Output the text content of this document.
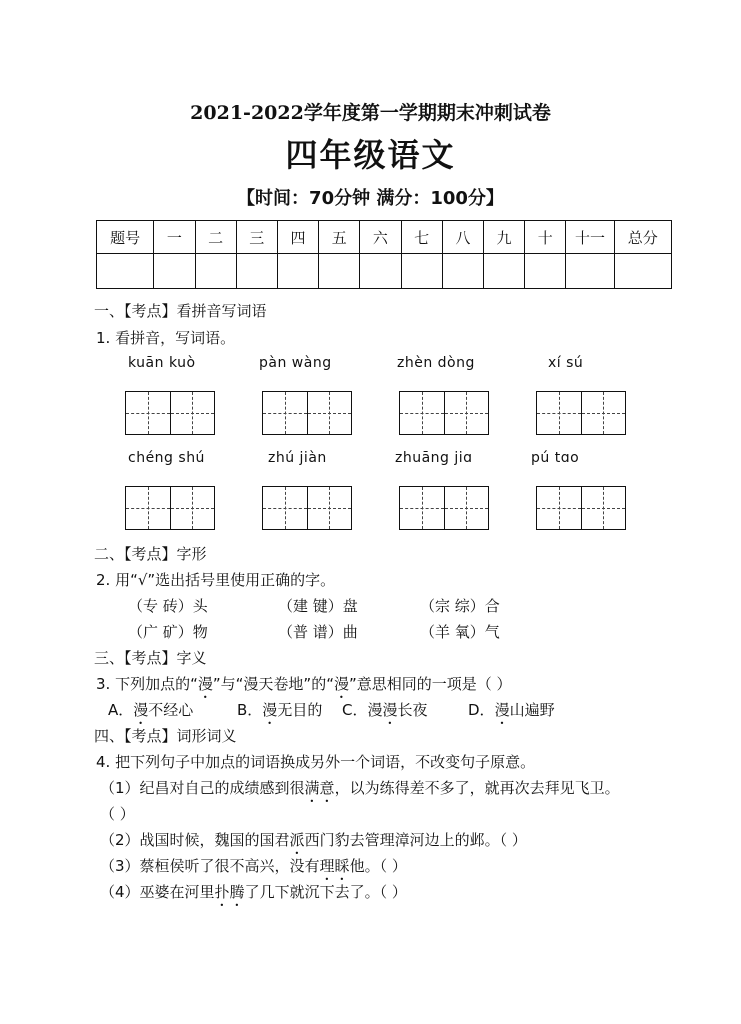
2021-2022学年度第一学期期末冲刺试卷
四年级语文
【时间：70分钟 满分：100分】
题号	一	二	三	四	五	六	七	八	九	十	十一	总分

一、【考点】看拼音写词语
1. 看拼音，写词语。
kuān kuò	pàn wàng	zhèn dòng	xí sú
chéng shú	zhú jiàn	zhuāng jiɑ	pú tɑo
二、【考点】字形
2. 用“√”选出括号里使用正确的字。
（专 砖）头	（建 键）盘	（宗 综）合
（广 矿）物	（普 谱）曲	（羊 氧）气
三、【考点】字义
3. 下列加点的“漫”与“漫天卷地”的“漫”意思相同的一项是（ ）
A．漫不经心	B．漫无目的 C．漫漫长夜	D．漫山遍野
四、【考点】词形词义
4. 把下列句子中加点的词语换成另外一个词语，不改变句子原意。
（1）纪昌对自己的成绩感到很满意，以为练得差不多了，就再次去拜见飞卫。
（ ）
（2）战国时候，魏国的国君派西门豹去管理漳河边上的邺。（ ）
（3）蔡桓侯听了很不高兴，没有理睬他。（ ）
（4）巫婆在河里扑腾了几下就沉下去了。（ ）
